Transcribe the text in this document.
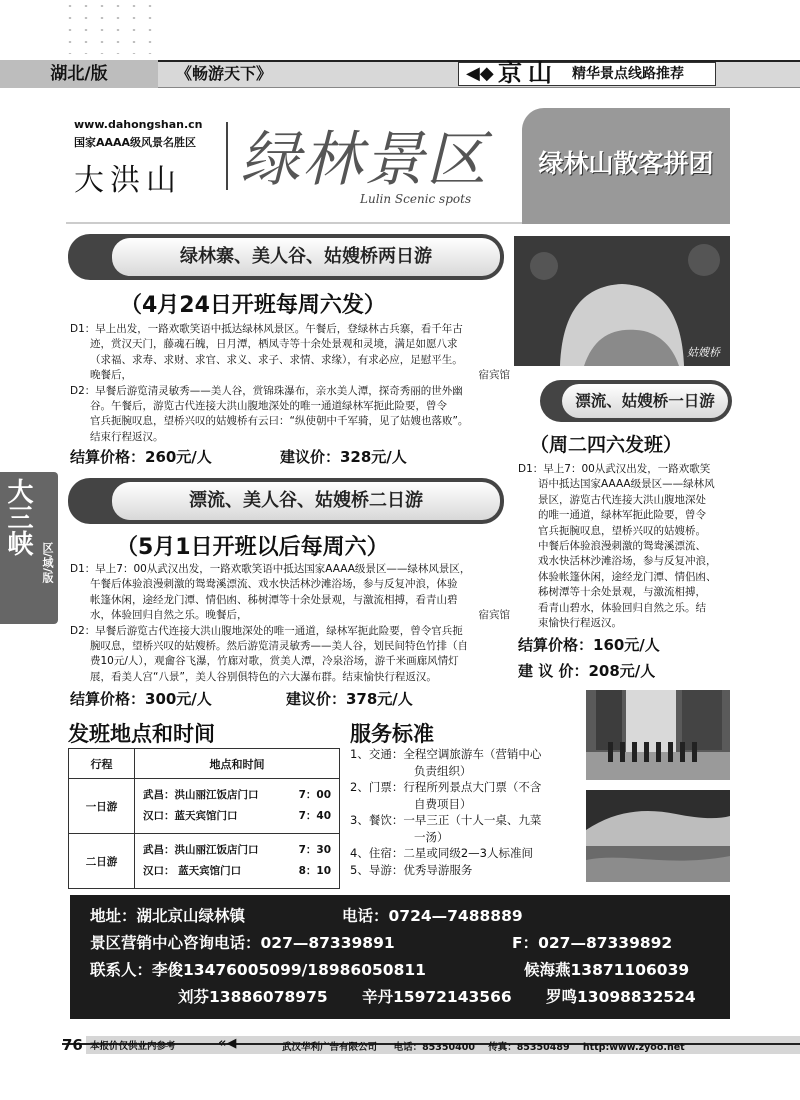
湖北/版	《畅游天下》	◀◆ 京山 精华景点线路推荐
www.dahongshan.cn
国家AAAA级风景名胜区
大洪山 绿林景区
Lulin Scenic spots
绿林山散客拼团
大三峡
区/域/版
绿林寨、美人谷、姑嫂桥两日游
（4月24日开班每周六发）
D1：早上出发，一路欢歌笑语中抵达绿林风景区。午餐后，登绿林古兵寨，看千年古
迹，赏汉天门，藤魂石魄，日月潭，栖凤寺等十余处景观和灵境，满足如愿八求
（求福、求寿、求财、求官、求义、求子、求情、求缘），有求必应，足慰平生。
晚餐后，	宿宾馆
D2：早餐后游览清灵敏秀——美人谷，赏锦珠瀑布，亲水美人潭，探奇秀丽的世外幽
谷。午餐后，游览古代连接大洪山腹地深处的唯一通道绿林军扼此险要，曾令
官兵扼腕叹息，望桥兴叹的姑嫂桥有云曰：“纵使朝中千军骑，见了姑嫂也落败”。
结束行程返汉。
结算价格：260元/人	建议价：328元/人
姑嫂桥
漂流、姑嫂桥一日游
（周二四六发班）
D1：早上7：00从武汉出发，一路欢歌笑
语中抵达国家AAAA级景区——绿林风
景区，游览古代连接大洪山腹地深处
的唯一通道，绿林军扼此险要，曾令
官兵扼腕叹息，望桥兴叹的姑嫂桥。
中餐后体验浪漫刺激的鸳鸯溪漂流、
戏水快活林沙滩浴场，参与反复冲浪，
体验帐篷休闲，途经龙门潭、情侣凼、
秭树潭等十余处景观，与激流相搏，
看青山碧水，体验回归自然之乐。结
束愉快行程返汉。
结算价格：160元/人
建 议 价：208元/人
漂流、美人谷、姑嫂桥二日游
（5月1日开班以后每周六）
D1：早上7：00从武汉出发，一路欢歌笑语中抵达国家AAAA级景区——绿林风景区，
午餐后体验浪漫刺激的鸳鸯溪漂流、戏水快活林沙滩浴场，参与反复冲浪，体验
帐篷休闲，途经龙门潭、情侣凼、秭树潭等十余处景观，与激流相搏，看青山碧
水，体验回归自然之乐。晚餐后，	宿宾馆
D2：早餐后游览古代连接大洪山腹地深处的唯一通道，绿林军扼此险要，曾令官兵扼
腕叹息，望桥兴叹的姑嫂桥。然后游览清灵敏秀——美人谷，划民间特色竹排（自
费10元/人），观龠谷飞瀑，竹廊对歌，赏美人潭，冷泉浴场，游千米画廊风情灯
展，看美人宫“八景”，美人谷别俱特色的六大瀑布群。结束愉快行程返汉。
结算价格：300元/人	建议价：378元/人
发班地点和时间
行程	地点和时间
一日游	武昌：洪山丽江饭店门口 7：00
汉口：蓝天宾馆门口 7：40

二日游	武昌：洪山丽江饭店门口 7：30
汉口： 蓝天宾馆门口 8：10
服务标准
1、交通：全程空调旅游车（营销中心
负责组织）
2、门票：行程所列景点大门票（不含
自费项目）
3、餐饮：一早三正（十人一桌、九菜
一汤）
4、住宿：二星或同级2—3人标准间
5、导游：优秀导游服务
地址：湖北京山绿林镇	电话：0724—7488889
景区营销中心咨询电话：027—87339891	F：027—87339892
联系人：李俊13476005099/18986050811	候海燕13871106039
刘芬13886078975 辛丹15972143566 罗鸣13098832524
76 本报价仅供业内参考	«◀	武汉华利广告有限公司 电话：85350400 传真：85350489 http:www.zyoo.net
